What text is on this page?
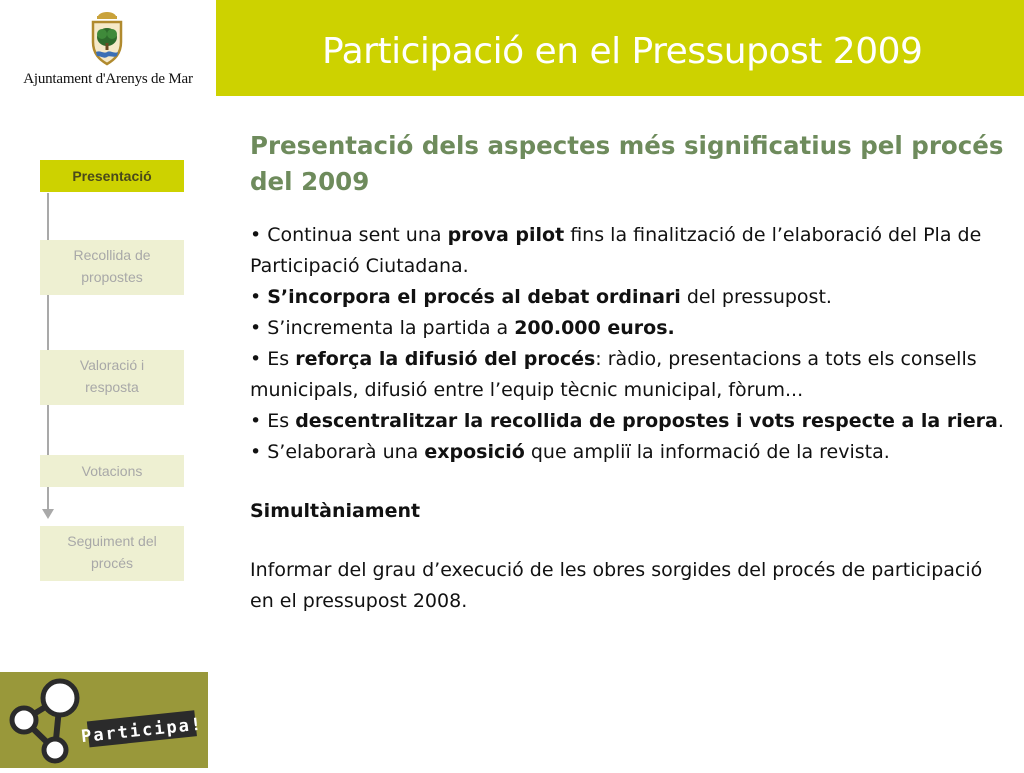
Ajuntament d'Arenys de Mar
Participació en el Pressupost 2009
Presentació
Recollida de
propostes
Valoració i
resposta
Votacions
Seguiment del
procés
Presentació dels aspectes més significatius pel procés del 2009

• Continua sent una prova pilot fins la finalització de l’elaboració del Pla de Participació Ciutadana.

• S’incorpora el procés al debat ordinari del pressupost.

• S’incrementa la partida a 200.000 euros.

• Es reforça la difusió del procés: ràdio, presentacions a tots els consells municipals, difusió entre l’equip tècnic municipal, fòrum...

• Es descentralitzar la recollida de propostes i vots respecte a la riera.

• S’elaborarà una exposició que ampliï la informació de la revista.

Simultàniament
Informar del grau d’execució de les obres sorgides del procés de participació en el pressupost 2008.
Participa!
